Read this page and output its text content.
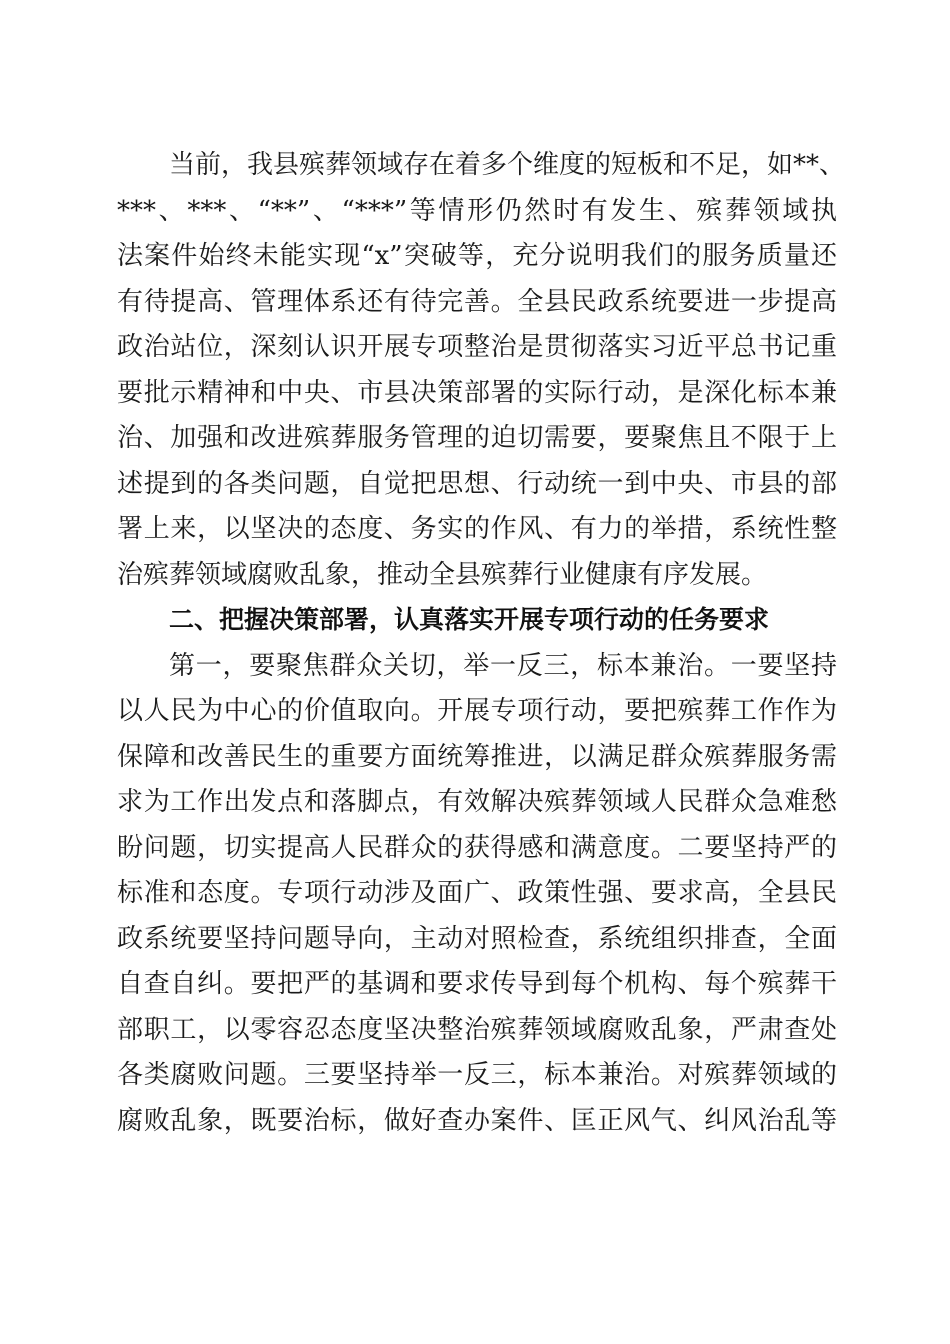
当前，我县殡葬领域存在着多个维度的短板和不足，如**、
***、***、“**”、“***”等情形仍然时有发生、殡葬领域执
法案件始终未能实现“x”突破等，充分说明我们的服务质量还
有待提高、管理体系还有待完善。全县民政系统要进一步提高
政治站位，深刻认识开展专项整治是贯彻落实习近平总书记重
要批示精神和中央、市县决策部署的实际行动，是深化标本兼
治、加强和改进殡葬服务管理的迫切需要，要聚焦且不限于上
述提到的各类问题，自觉把思想、行动统一到中央、市县的部
署上来，以坚决的态度、务实的作风、有力的举措，系统性整
治殡葬领域腐败乱象，推动全县殡葬行业健康有序发展。
二、把握决策部署，认真落实开展专项行动的任务要求
第一，要聚焦群众关切，举一反三，标本兼治。一要坚持
以人民为中心的价值取向。开展专项行动，要把殡葬工作作为
保障和改善民生的重要方面统筹推进，以满足群众殡葬服务需
求为工作出发点和落脚点，有效解决殡葬领域人民群众急难愁
盼问题，切实提高人民群众的获得感和满意度。二要坚持严的
标准和态度。专项行动涉及面广、政策性强、要求高，全县民
政系统要坚持问题导向，主动对照检查，系统组织排查，全面
自查自纠。要把严的基调和要求传导到每个机构、每个殡葬干
部职工，以零容忍态度坚决整治殡葬领域腐败乱象，严肃查处
各类腐败问题。三要坚持举一反三，标本兼治。对殡葬领域的
腐败乱象，既要治标，做好查办案件、匡正风气、纠风治乱等
